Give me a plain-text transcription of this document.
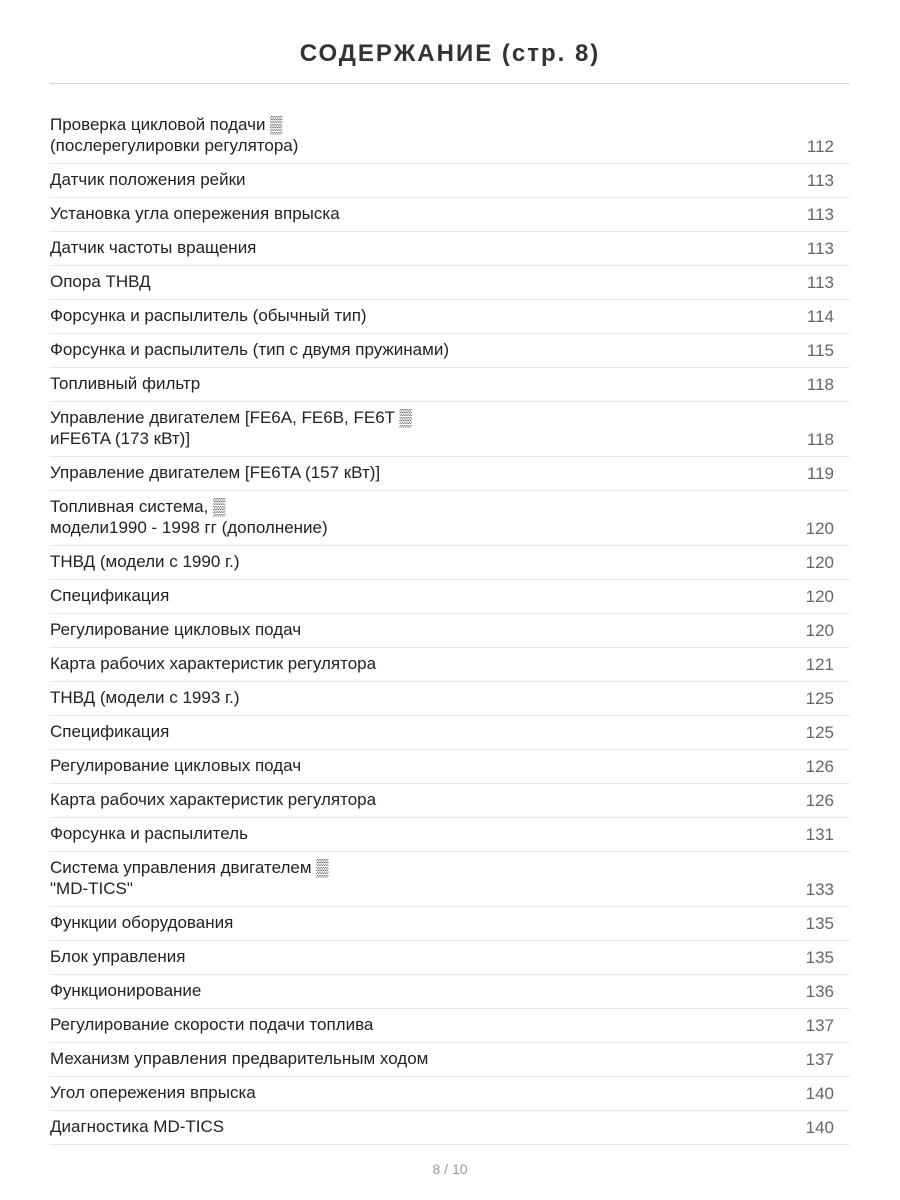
СОДЕРЖАНИЕ (стр. 8)
Проверка цикловой подачи ▒
(послерегулировки регулятора)	112
Датчик положения рейки	113
Установка угла опережения впрыска	113
Датчик частоты вращения	113
Опора ТНВД	113
Форсунка и распылитель (обычный тип)	114
Форсунка и распылитель (тип с двумя пружинами)	115
Топливный фильтр	118
Управление двигателем [FE6A, FE6B, FE6T ▒
иFE6TA (173 кВт)]	118
Управление двигателем [FE6TA (157 кВт)]	119
Топливная система, ▒
модели1990 - 1998 гг (дополнение)	120
ТНВД (модели с 1990 г.)	120
Спецификация	120
Регулирование цикловых подач	120
Карта рабочих характеристик регулятора	121
ТНВД (модели с 1993 г.)	125
Спецификация	125
Регулирование цикловых подач	126
Карта рабочих характеристик регулятора	126
Форсунка и распылитель	131
Система управления двигателем ▒
"MD-TICS"	133
Функции оборудования	135
Блок управления	135
Функционирование	136
Регулирование скорости подачи топлива	137
Механизм управления предварительным ходом	137
Угол опережения впрыска	140
Диагностика MD-TICS	140
8 / 10
